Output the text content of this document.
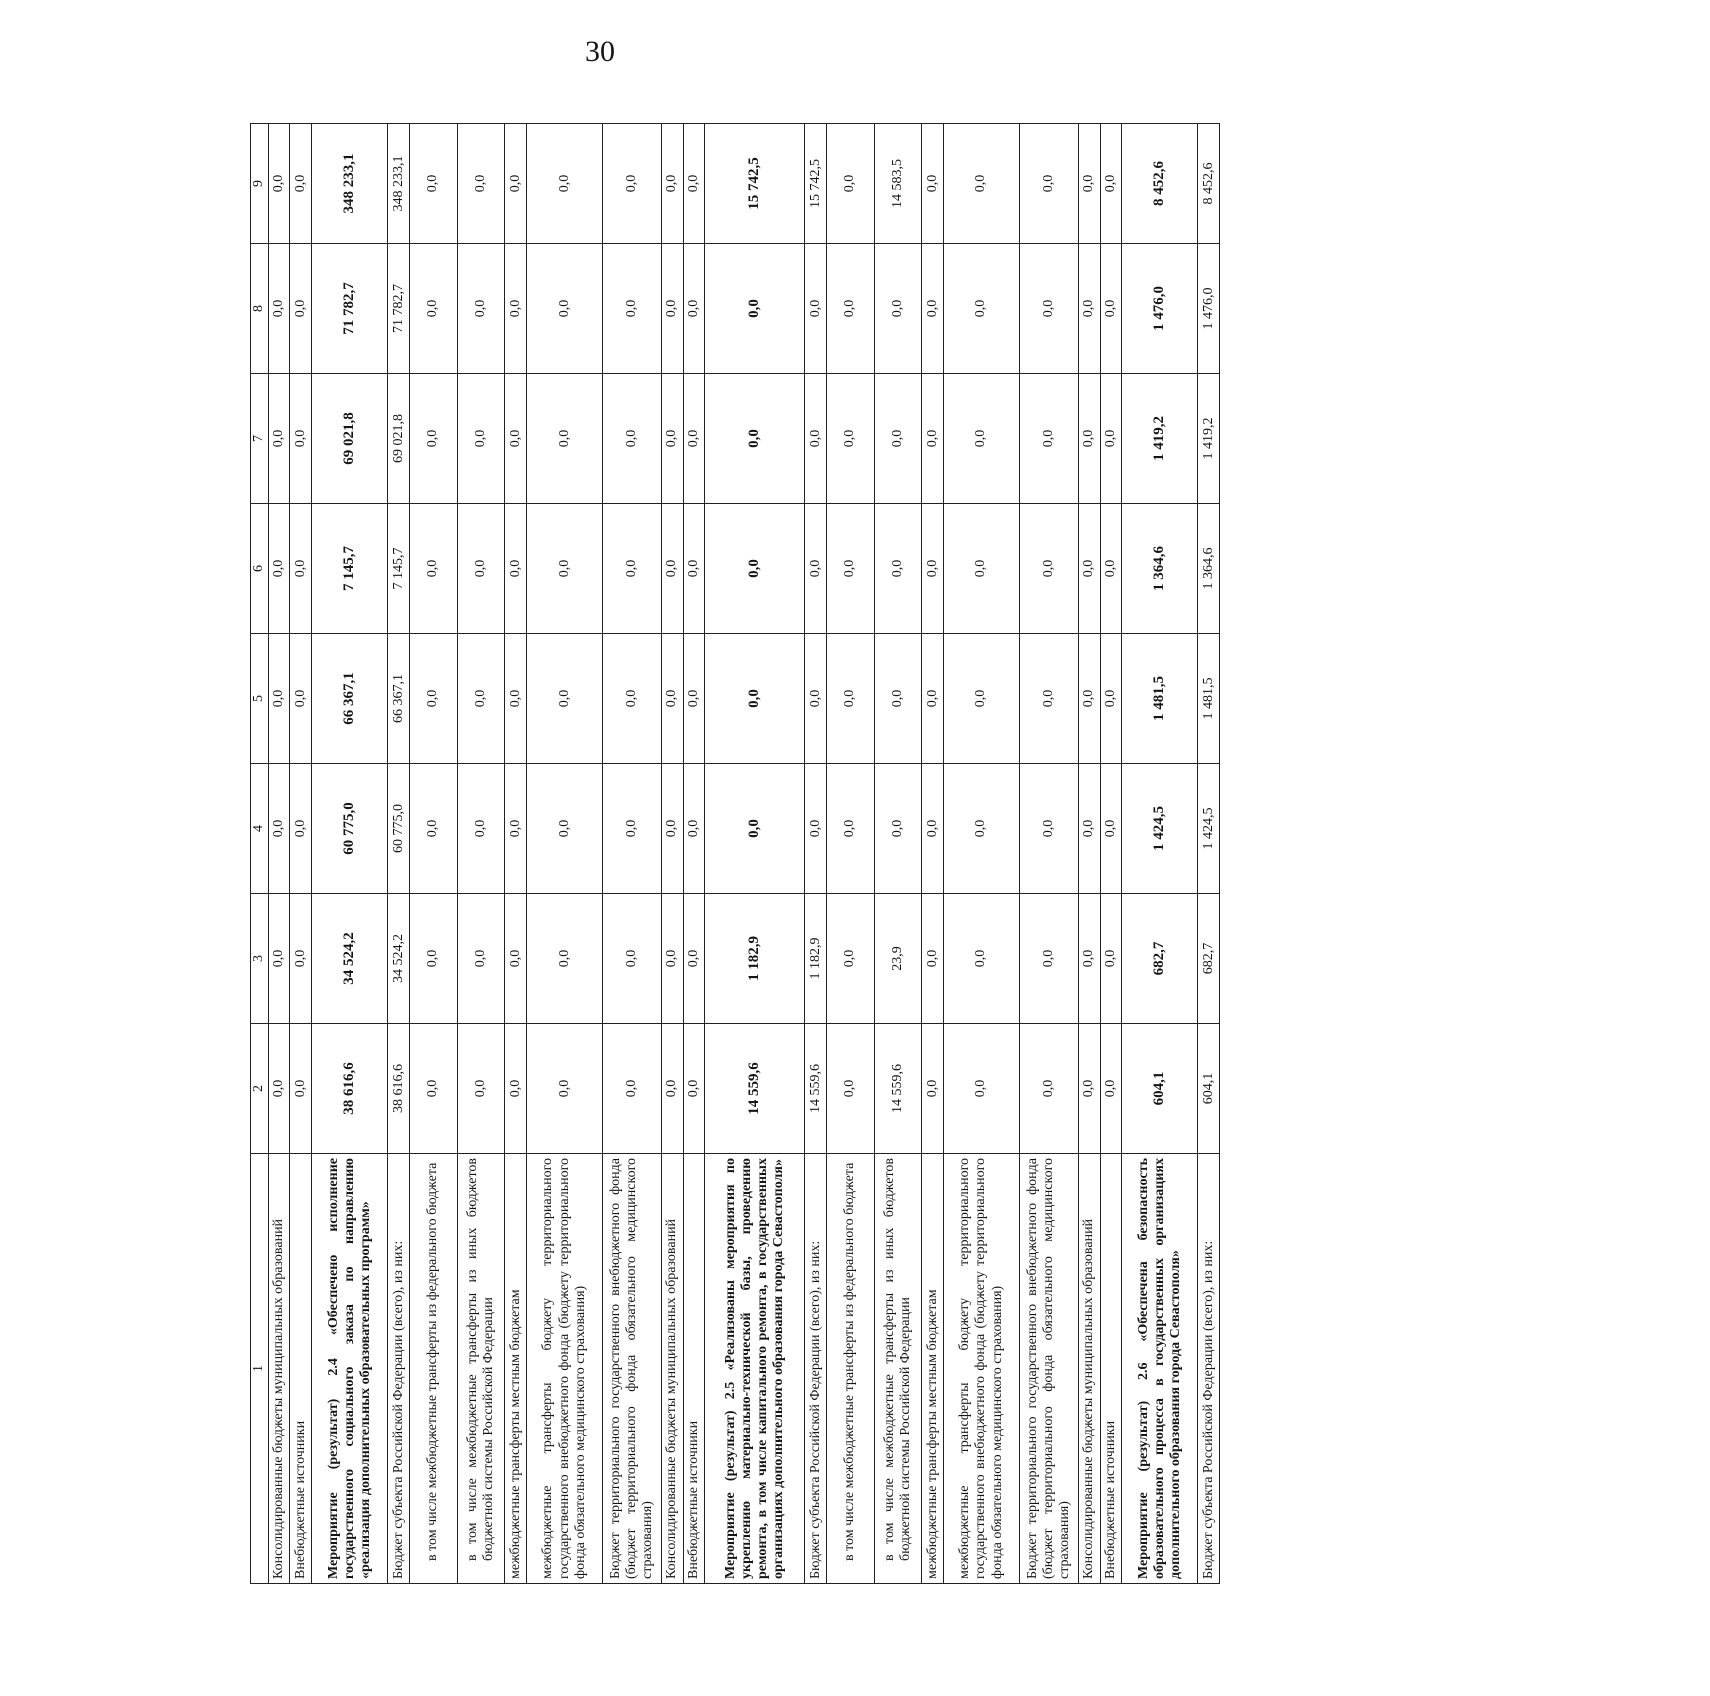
30
1	2	3	4	5	6	7	8	9
Консолидированные бюджеты муниципальных образований	0,0	0,0	0,0	0,0	0,0	0,0	0,0	0,0
Внебюджетные источники	0,0	0,0	0,0	0,0	0,0	0,0	0,0	0,0
Мероприятие (результат) 2.4 «Обеспечено исполнение государственного социального заказа по направлению «реализация дополнительных образовательных программ»	38 616,6	34 524,2	60 775,0	66 367,1	7 145,7	69 021,8	71 782,7	348 233,1
Бюджет субъекта Российской Федерации (всего), из них:	38 616,6	34 524,2	60 775,0	66 367,1	7 145,7	69 021,8	71 782,7	348 233,1
в том числе межбюджетные трансферты из федерального бюджета	0,0	0,0	0,0	0,0	0,0	0,0	0,0	0,0
в том числе межбюджетные трансферты из иных бюджетов бюджетной системы Российской Федерации	0,0	0,0	0,0	0,0	0,0	0,0	0,0	0,0
межбюджетные трансферты местным бюджетам	0,0	0,0	0,0	0,0	0,0	0,0	0,0	0,0
межбюджетные трансферты бюджету территориального государственного внебюджетного фонда (бюджету территориального фонда обязательного медицинского страхования)	0,0	0,0	0,0	0,0	0,0	0,0	0,0	0,0
Бюджет территориального государственного внебюджетного фонда (бюджет территориального фонда обязательного медицинского страхования)	0,0	0,0	0,0	0,0	0,0	0,0	0,0	0,0
Консолидированные бюджеты муниципальных образований	0,0	0,0	0,0	0,0	0,0	0,0	0,0	0,0
Внебюджетные источники	0,0	0,0	0,0	0,0	0,0	0,0	0,0	0,0
Мероприятие (результат) 2.5 «Реализованы мероприятия по укреплению материально-технической базы, проведению ремонта, в том числе капитального ремонта, в государственных организациях дополнительного образования города Севастополя»	14 559,6	1 182,9	0,0	0,0	0,0	0,0	0,0	15 742,5
Бюджет субъекта Российской Федерации (всего), из них:	14 559,6	1 182,9	0,0	0,0	0,0	0,0	0,0	15 742,5
в том числе межбюджетные трансферты из федерального бюджета	0,0	0,0	0,0	0,0	0,0	0,0	0,0	0,0
в том числе межбюджетные трансферты из иных бюджетов бюджетной системы Российской Федерации	14 559,6	23,9	0,0	0,0	0,0	0,0	0,0	14 583,5
межбюджетные трансферты местным бюджетам	0,0	0,0	0,0	0,0	0,0	0,0	0,0	0,0
межбюджетные трансферты бюджету территориального государственного внебюджетного фонда (бюджету территориального фонда обязательного медицинского страхования)	0,0	0,0	0,0	0,0	0,0	0,0	0,0	0,0
Бюджет территориального государственного внебюджетного фонда (бюджет территориального фонда обязательного медицинского страхования)	0,0	0,0	0,0	0,0	0,0	0,0	0,0	0,0
Консолидированные бюджеты муниципальных образований	0,0	0,0	0,0	0,0	0,0	0,0	0,0	0,0
Внебюджетные источники	0,0	0,0	0,0	0,0	0,0	0,0	0,0	0,0
Мероприятие (результат) 2.6 «Обеспечена безопасность образовательного процесса в государственных организациях дополнительного образования города Севастополя»	604,1	682,7	1 424,5	1 481,5	1 364,6	1 419,2	1 476,0	8 452,6
Бюджет субъекта Российской Федерации (всего), из них:	604,1	682,7	1 424,5	1 481,5	1 364,6	1 419,2	1 476,0	8 452,6
